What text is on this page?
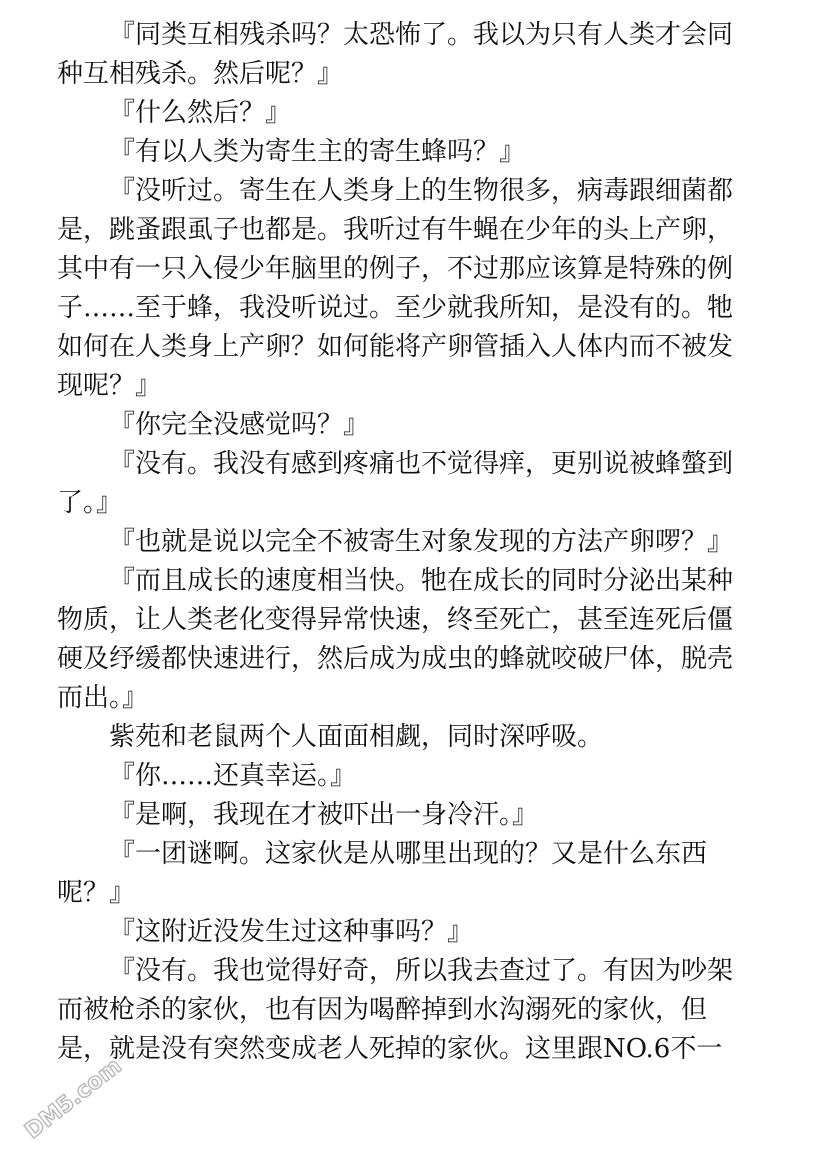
『同类互相残杀吗？太恐怖了。我以为只有人类才会同
种互相残杀。然后呢？』
『什么然后？』
『有以人类为寄生主的寄生蜂吗？』
『没听过。寄生在人类身上的生物很多，病毒跟细菌都
是，跳蚤跟虱子也都是。我听过有牛蝇在少年的头上产卵，
其中有一只入侵少年脑里的例子，不过那应该算是特殊的例
子……至于蜂，我没听说过。至少就我所知，是没有的。牠
如何在人类身上产卵？如何能将产卵管插入人体内而不被发
现呢？』
『你完全没感觉吗？』
『没有。我没有感到疼痛也不觉得痒，更别说被蜂螫到
了。』
『也就是说以完全不被寄生对象发现的方法产卵啰？』
『而且成长的速度相当快。牠在成长的同时分泌出某种
物质，让人类老化变得异常快速，终至死亡，甚至连死后僵
硬及纾缓都快速进行，然后成为成虫的蜂就咬破尸体，脱壳
而出。』
紫苑和老鼠两个人面面相觑，同时深呼吸。
『你……还真幸运。』
『是啊，我现在才被吓出一身冷汗。』
『一团谜啊。这家伙是从哪里出现的？又是什么东西
呢？』
『这附近没发生过这种事吗？』
『没有。我也觉得好奇，所以我去查过了。有因为吵架
而被枪杀的家伙，也有因为喝醉掉到水沟溺死的家伙，但
是，就是没有突然变成老人死掉的家伙。这里跟NO.6不一
DM5.com
